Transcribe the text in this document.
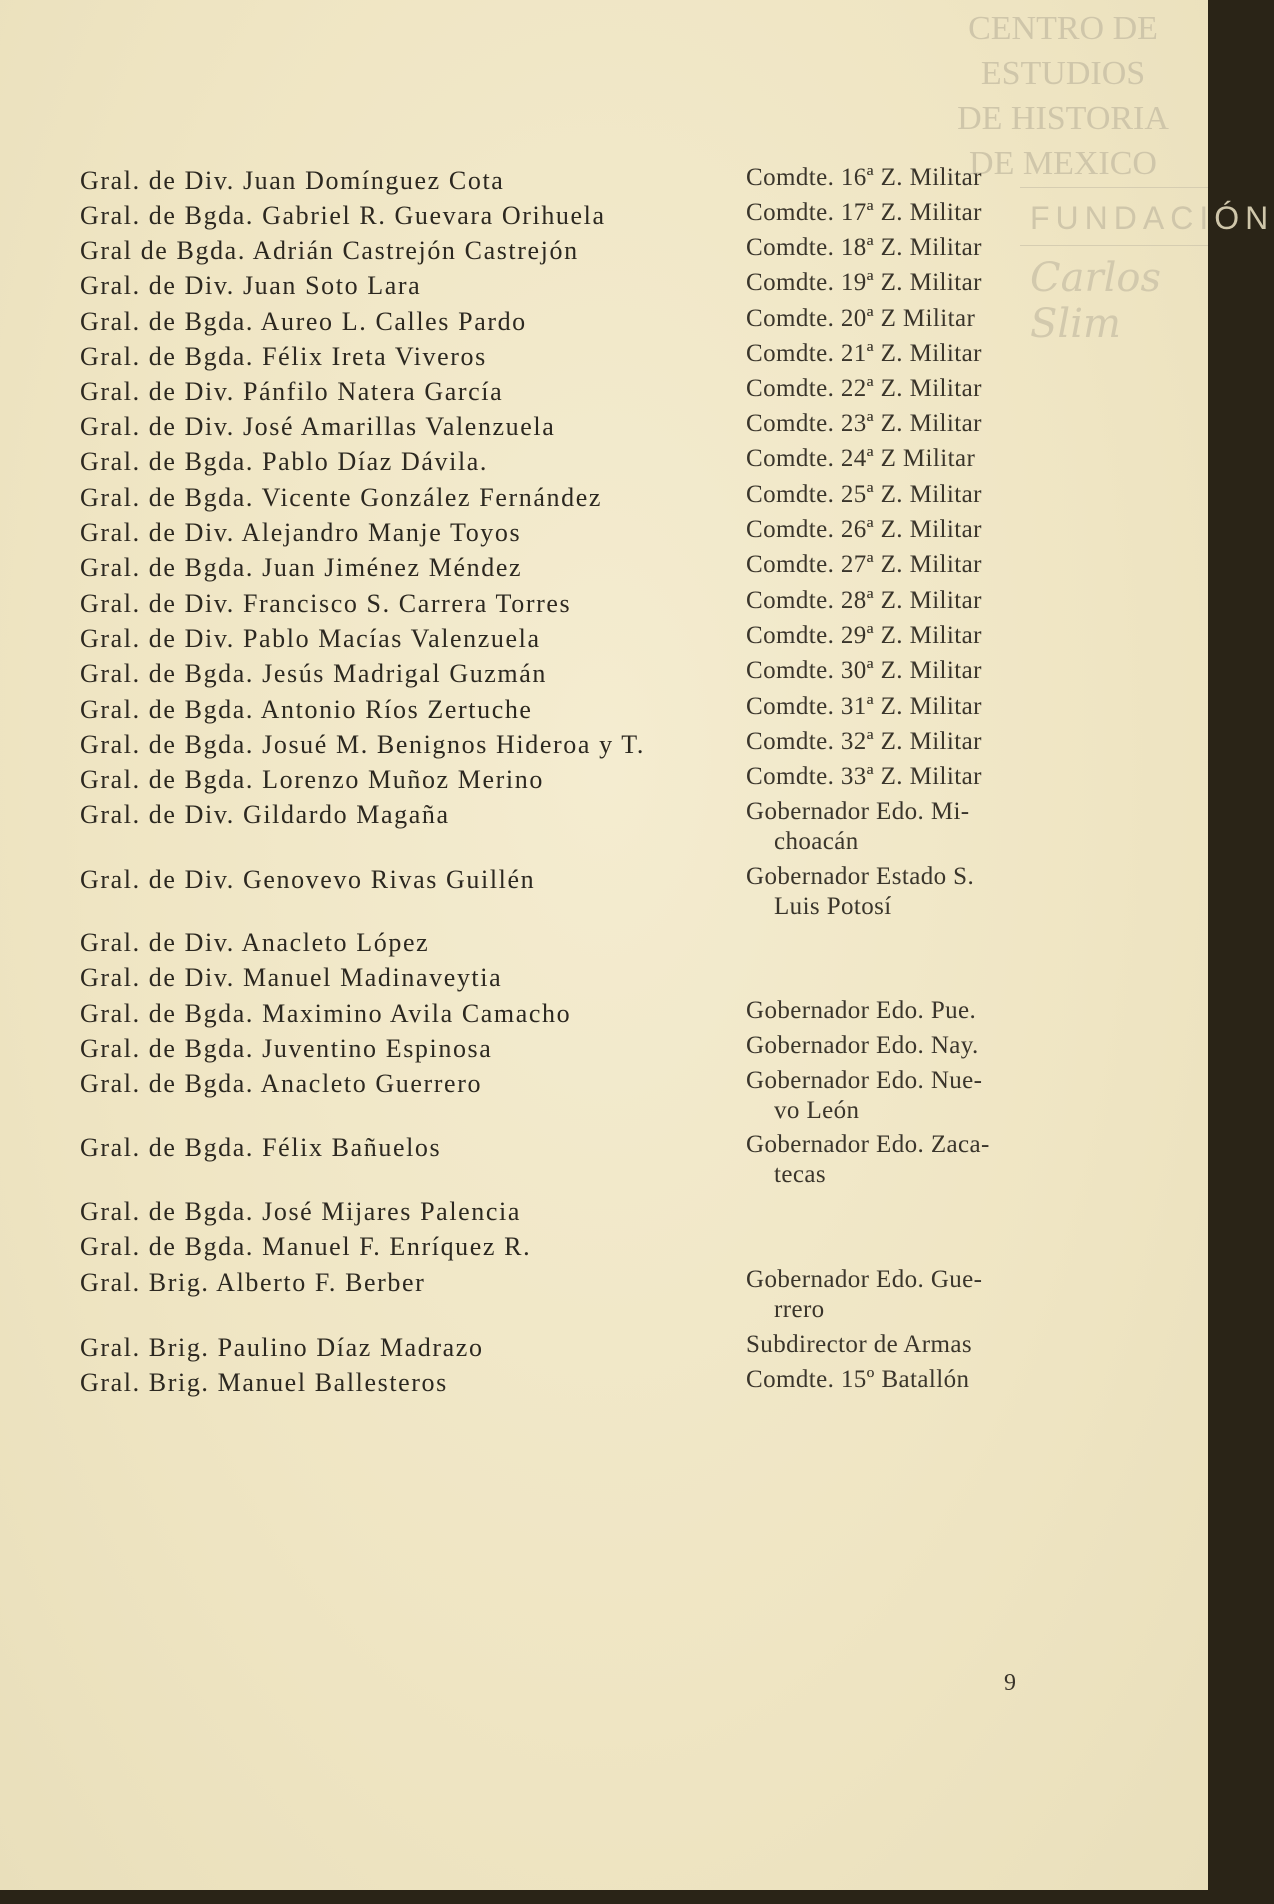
CENTRO DE
ESTUDIOS
DE HISTORIA
DE MEXICO
FUNDACIÓN
Carlos Slim
Gral. de Div. Juan Domínguez Cota	Comdte. 16ª Z. Militar
Gral. de Bgda. Gabriel R. Guevara Orihuela	Comdte. 17ª Z. Militar
Gral de Bgda. Adrián Castrejón Castrejón	Comdte. 18ª Z. Militar
Gral. de Div. Juan Soto Lara	Comdte. 19ª Z. Militar
Gral. de Bgda. Aureo L. Calles Pardo	Comdte. 20ª Z Militar
Gral. de Bgda. Félix Ireta Viveros	Comdte. 21ª Z. Militar
Gral. de Div. Pánfilo Natera García	Comdte. 22ª Z. Militar
Gral. de Div. José Amarillas Valenzuela	Comdte. 23ª Z. Militar
Gral. de Bgda. Pablo Díaz Dávila.	Comdte. 24ª Z Militar
Gral. de Bgda. Vicente González Fernández	Comdte. 25ª Z. Militar
Gral. de Div. Alejandro Manje Toyos	Comdte. 26ª Z. Militar
Gral. de Bgda. Juan Jiménez Méndez	Comdte. 27ª Z. Militar
Gral. de Div. Francisco S. Carrera Torres	Comdte. 28ª Z. Militar
Gral. de Div. Pablo Macías Valenzuela	Comdte. 29ª Z. Militar
Gral. de Bgda. Jesús Madrigal Guzmán	Comdte. 30ª Z. Militar
Gral. de Bgda. Antonio Ríos Zertuche	Comdte. 31ª Z. Militar
Gral. de Bgda. Josué M. Benignos Hideroa y T.	Comdte. 32ª Z. Militar
Gral. de Bgda. Lorenzo Muñoz Merino	Comdte. 33ª Z. Militar
Gral. de Div. Gildardo Magaña	Gobernador Edo. Mi-
choacán
Gral. de Div. Genovevo Rivas Guillén	Gobernador Estado S.
Luis Potosí
Gral. de Div. Anacleto López
Gral. de Div. Manuel Madinaveytia
Gral. de Bgda. Maximino Avila Camacho	Gobernador Edo. Pue.
Gral. de Bgda. Juventino Espinosa	Gobernador Edo. Nay.
Gral. de Bgda. Anacleto Guerrero	Gobernador Edo. Nue-
vo León
Gral. de Bgda. Félix Bañuelos	Gobernador Edo. Zaca-
tecas
Gral. de Bgda. José Mijares Palencia
Gral. de Bgda. Manuel F. Enríquez R.
Gral. Brig. Alberto F. Berber	Gobernador Edo. Gue-
rrero
Gral. Brig. Paulino Díaz Madrazo	Subdirector de Armas
Gral. Brig. Manuel Ballesteros	Comdte. 15º Batallón
9
